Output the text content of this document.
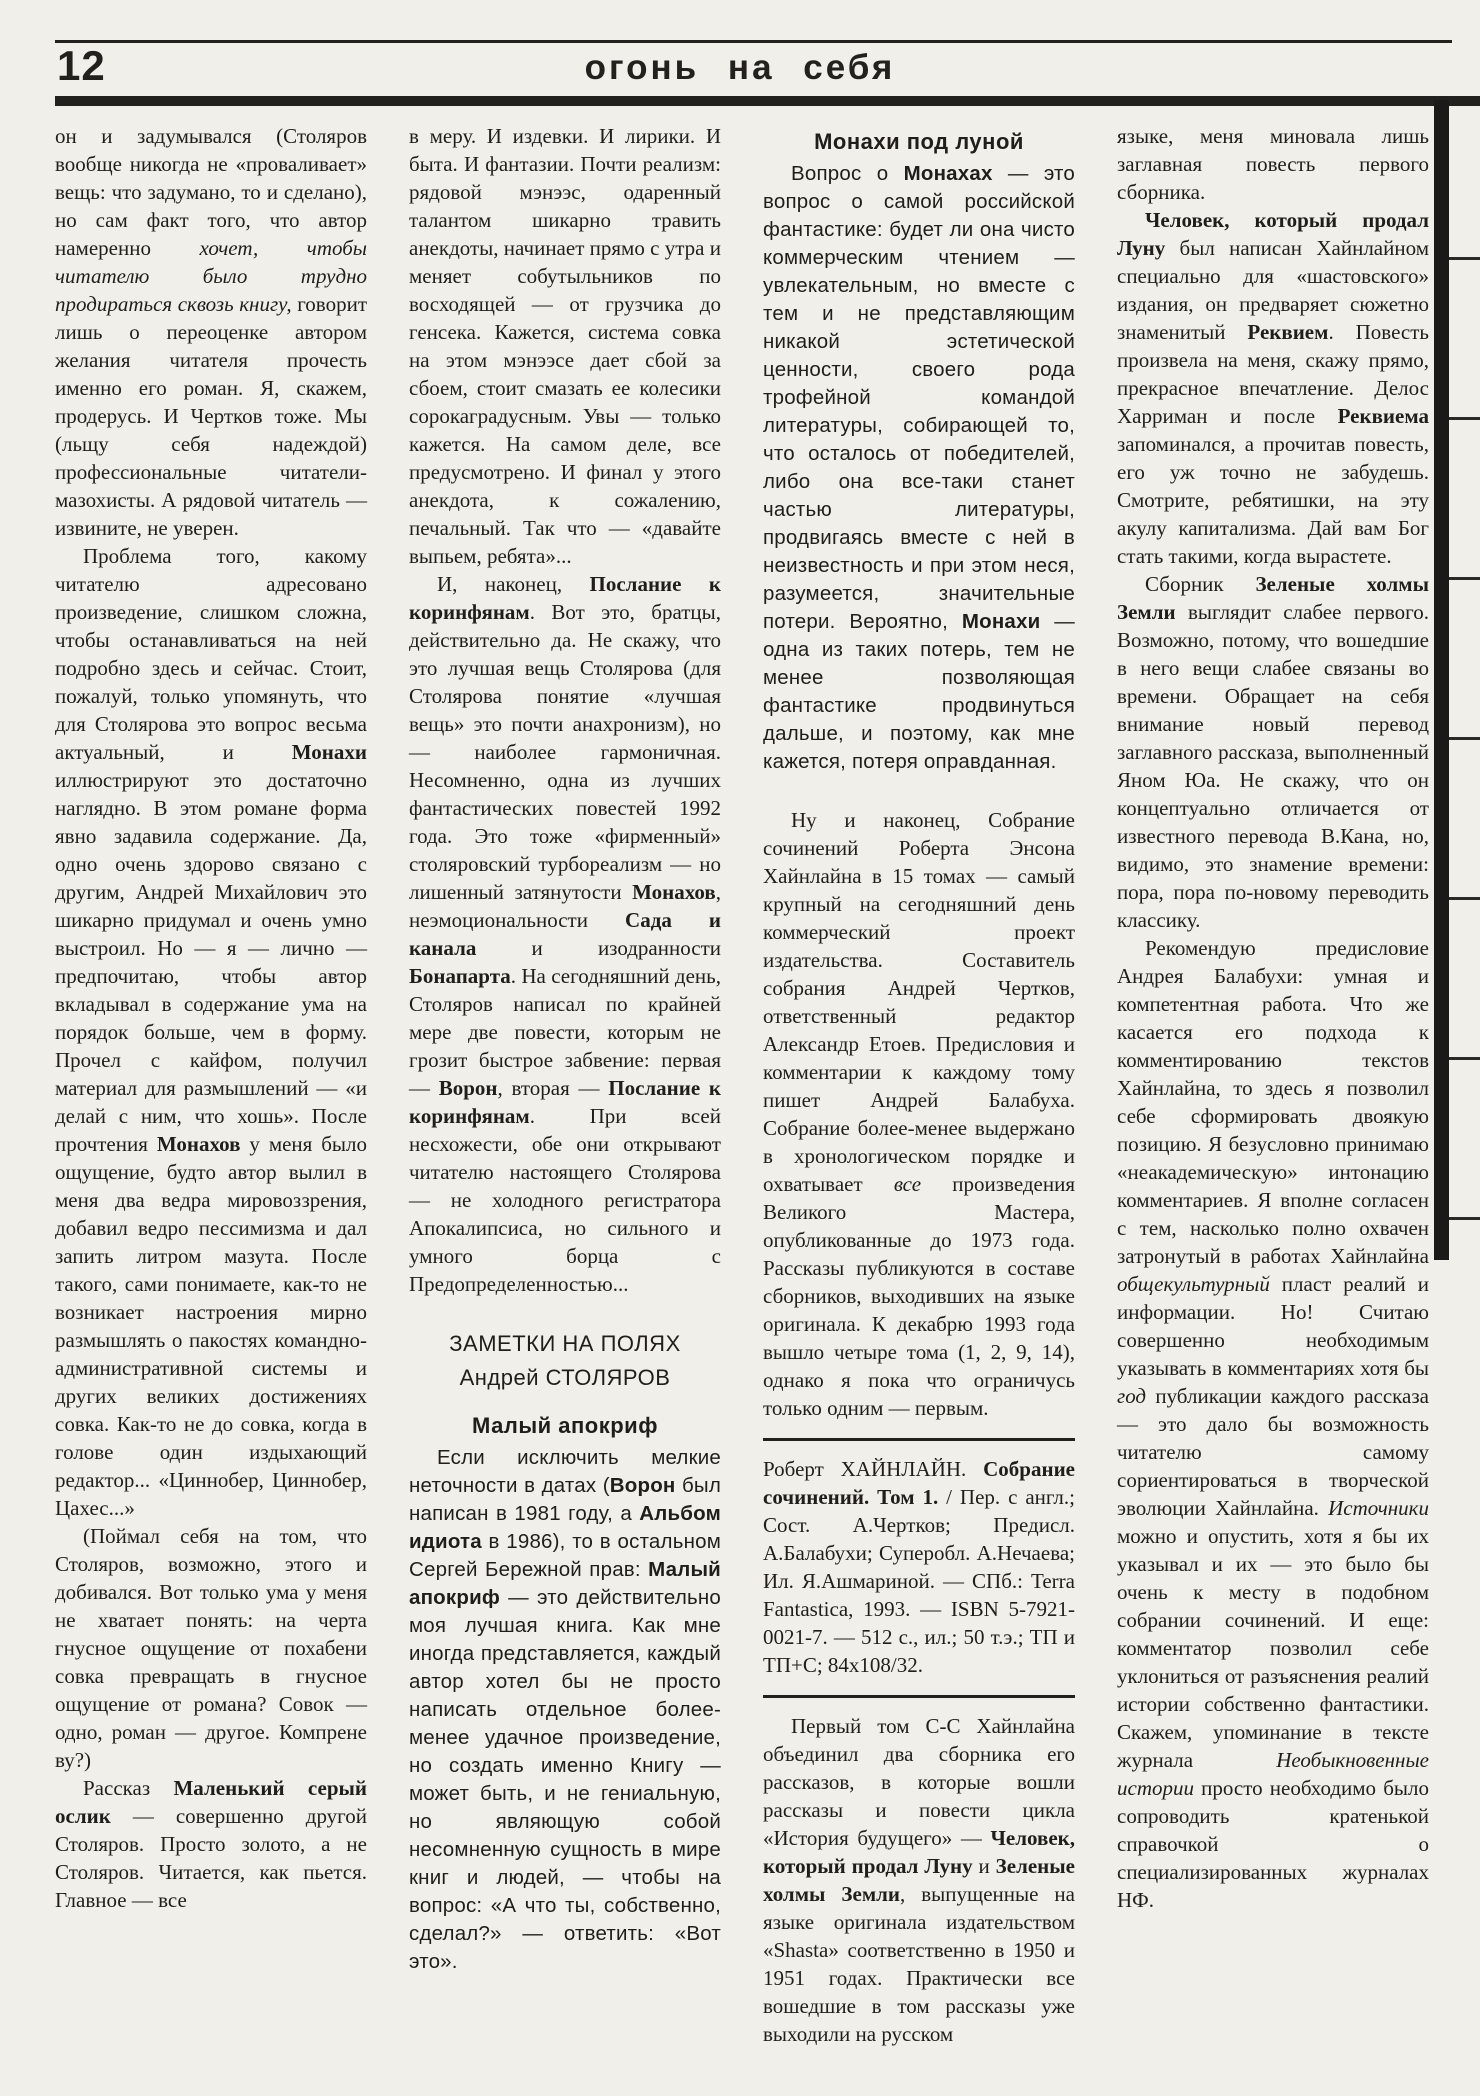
12	огонь на себя

он и задумывался (Столяров вообще никогда не «проваливает» вещь: что задумано, то и сделано), но сам факт того, что автор намеренно хочет, чтобы читателю было трудно продираться сквозь книгу, говорит лишь о переоценке автором желания читателя прочесть именно его роман. Я, скажем, продерусь. И Чертков тоже. Мы (льщу себя надеждой) профессиональные читатели-мазохисты. А рядовой читатель — извините, не уверен.

Проблема того, какому читателю адресовано произведение, слишком сложна, чтобы останавливаться на ней подробно здесь и сейчас. Стоит, пожалуй, только упомянуть, что для Столярова это вопрос весьма актуальный, и Монахи иллюстрируют это достаточно наглядно. В этом романе форма явно задавила содержание. Да, одно очень здорово связано с другим, Андрей Михайлович это шикарно придумал и очень умно выстроил. Но — я — лично — предпочитаю, чтобы автор вкладывал в содержание ума на порядок больше, чем в форму. Прочел с кайфом, получил материал для размышлений — «и делай с ним, что хошь». После прочтения Монахов у меня было ощущение, будто автор вылил в меня два ведра мировоззрения, добавил ведро пессимизма и дал запить литром мазута. После такого, сами понимаете, как-то не возникает настроения мирно размышлять о пакостях командно-административной системы и других великих достижениях совка. Как-то не до совка, когда в голове один издыхающий редактор... «Циннобер, Циннобер, Цахес...»

(Поймал себя на том, что Столяров, возможно, этого и добивался. Вот только ума у меня не хватает понять: на черта гнусное ощущение от похабени совка превращать в гнусное ощущение от романа? Совок — одно, роман — другое. Компрене ву?)

Рассказ Маленький серый ослик — совершенно другой Столяров. Просто золото, а не Столяров. Читается, как пьется. Главное — все

в меру. И издевки. И лирики. И быта. И фантазии. Почти реализм: рядовой мэнээс, одаренный талантом шикарно травить анекдоты, начинает прямо с утра и меняет собутыльников по восходящей — от грузчика до генсека. Кажется, система совка на этом мэнээсе дает сбой за сбоем, стоит смазать ее колесики сорокаградусным. Увы — только кажется. На самом деле, все предусмотрено. И финал у этого анекдота, к сожалению, печальный. Так что — «давайте выпьем, ребята»...

И, наконец, Послание к коринфянам. Вот это, братцы, действительно да. Не скажу, что это лучшая вещь Столярова (для Столярова понятие «лучшая вещь» это почти анахронизм), но — наиболее гармоничная. Несомненно, одна из лучших фантастических повестей 1992 года. Это тоже «фирменный» столяровский турбореализм — но лишенный затянутости Монахов, неэмоциональности Сада и канала и изодранности Бонапарта. На сегодняшний день, Столяров написал по крайней мере две повести, которым не грозит быстрое забвение: первая — Ворон, вторая — Послание к коринфянам. При всей несхожести, обе они открывают читателю настоящего Столярова — не холодного регистратора Апокалипсиса, но сильного и умного борца с Предопределенностью...

ЗАМЕТКИ НА ПОЛЯХ
Андрей СТОЛЯРОВ
Малый апокриф

Если исключить мелкие неточности в датах (Ворон был написан в 1981 году, а Альбом идиота в 1986), то в остальном Сергей Бережной прав: Малый апокриф — это действительно моя лучшая книга. Как мне иногда представляется, каждый автор хотел бы не просто написать отдельное более-менее удачное произведение, но создать именно Книгу — может быть, и не гениальную, но являющую собой несомненную сущность в мире книг и людей, — чтобы на вопрос: «А что ты, собственно, сделал?» — ответить: «Вот это».

Монахи под луной

Вопрос о Монахах — это вопрос о самой российской фантастике: будет ли она чисто коммерческим чтением — увлекательным, но вместе с тем и не представляющим никакой эстетической ценности, своего рода трофейной командой литературы, собирающей то, что осталось от победителей, либо она все-таки станет частью литературы, продвигаясь вместе с ней в неизвестность и при этом неся, разумеется, значительные потери. Вероятно, Монахи — одна из таких потерь, тем не менее позволяющая фантастике продвинуться дальше, и поэтому, как мне кажется, потеря оправданная.

Ну и наконец, Собрание сочинений Роберта Энсона Хайнлайна в 15 томах — самый крупный на сегодняшний день коммерческий проект издательства. Составитель собрания Андрей Чертков, ответственный редактор Александр Етоев. Предисловия и комментарии к каждому тому пишет Андрей Балабуха. Собрание более-менее выдержано в хронологическом порядке и охватывает все произведения Великого Мастера, опубликованные до 1973 года. Рассказы публикуются в составе сборников, выходивших на языке оригинала. К декабрю 1993 года вышло четыре тома (1, 2, 9, 14), однако я пока что ограничусь только одним — первым.

Роберт ХАЙНЛАЙН. Собрание сочинений. Том 1. / Пер. с англ.; Сост. А.Чертков; Предисл. А.Балабухи; Суперобл. А.Нечаева; Ил. Я.Ашмариной. — СПб.: Terra Fantastica, 1993. — ISBN 5-7921-0021-7. — 512 с., ил.; 50 т.э.; ТП и ТП+С; 84x108/32.

Первый том С-С Хайнлайна объединил два сборника его рассказов, в которые вошли рассказы и повести цикла «История будущего» — Человек, который продал Луну и Зеленые холмы Земли, выпущенные на языке оригинала издательством «Shasta» соответственно в 1950 и 1951 годах. Практически все вошедшие в том рассказы уже выходили на русском

языке, меня миновала лишь заглавная повесть первого сборника.

Человек, который продал Луну был написан Хайнлайном специально для «шастовского» издания, он предваряет сюжетно знаменитый Реквием. Повесть произвела на меня, скажу прямо, прекрасное впечатление. Делос Харриман и после Реквиема запоминался, а прочитав повесть, его уж точно не забудешь. Смотрите, ребятишки, на эту акулу капитализма. Дай вам Бог стать такими, когда вырастете.

Сборник Зеленые холмы Земли выглядит слабее первого. Возможно, потому, что вошедшие в него вещи слабее связаны во времени. Обращает на себя внимание новый перевод заглавного рассказа, выполненный Яном Юа. Не скажу, что он концептуально отличается от известного перевода В.Кана, но, видимо, это знамение времени: пора, пора по-новому переводить классику.

Рекомендую предисловие Андрея Балабухи: умная и компетентная работа. Что же касается его подхода к комментированию текстов Хайнлайна, то здесь я позволил себе сформировать двоякую позицию. Я безусловно принимаю «неакадемическую» интонацию комментариев. Я вполне согласен с тем, насколько полно охвачен затронутый в работах Хайнлайна общекультурный пласт реалий и информации. Но! Считаю совершенно необходимым указывать в комментариях хотя бы год публикации каждого рассказа — это дало бы возможность читателю самому сориентироваться в творческой эволюции Хайнлайна. Источники можно и опустить, хотя я бы их указывал и их — это было бы очень к месту в подобном собрании сочинений. И еще: комментатор позволил себе уклониться от разъяснения реалий истории собственно фантастики. Скажем, упоминание в тексте журнала Необыкновенные истории просто необходимо было сопроводить кратенькой справочкой о специализированных журналах НФ.
